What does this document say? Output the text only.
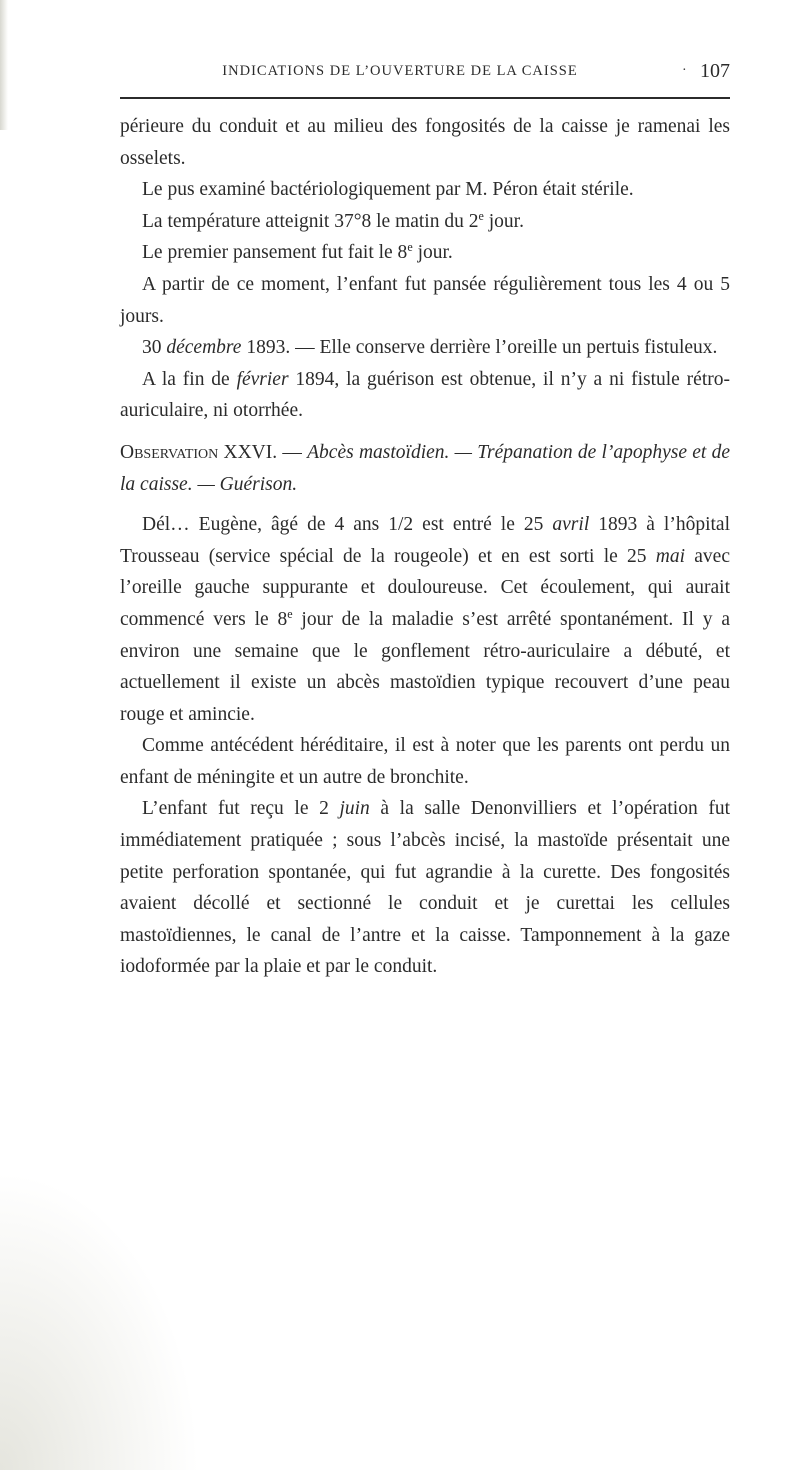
INDICATIONS DE L’OUVERTURE DE LA CAISSE	· 107

périeure du conduit et au milieu des fongosités de la caisse je ramenai les osselets.

Le pus examiné bactériologiquement par M. Péron était stérile.

La température atteignit 37°8 le matin du 2e jour.

Le premier pansement fut fait le 8e jour.

A partir de ce moment, l’enfant fut pansée régulièrement tous les 4 ou 5 jours.

30 décembre 1893. — Elle conserve derrière l’oreille un pertuis fistuleux.

A la fin de février 1894, la guérison est obtenue, il n’y a ni fistule rétro-auriculaire, ni otorrhée.

Observation XXVI. — Abcès mastoïdien. — Trépanation de l’apophyse et de la caisse. — Guérison.

Dél… Eugène, âgé de 4 ans 1/2 est entré le 25 avril 1893 à l’hôpital Trousseau (service spécial de la rougeole) et en est sorti le 25 mai avec l’oreille gauche suppurante et douloureuse. Cet écoulement, qui aurait commencé vers le 8e jour de la maladie s’est arrêté spontanément. Il y a environ une semaine que le gonflement rétro-auriculaire a débuté, et actuellement il existe un abcès mastoïdien typique recouvert d’une peau rouge et amincie.

Comme antécédent héréditaire, il est à noter que les parents ont perdu un enfant de méningite et un autre de bronchite.

L’enfant fut reçu le 2 juin à la salle Denonvilliers et l’opération fut immédiatement pratiquée ; sous l’abcès incisé, la mastoïde présentait une petite perforation spontanée, qui fut agrandie à la curette. Des fongosités avaient décollé et sectionné le conduit et je curettai les cellules mastoïdiennes, le canal de l’antre et la caisse. Tamponnement à la gaze iodoformée par la plaie et par le conduit.
